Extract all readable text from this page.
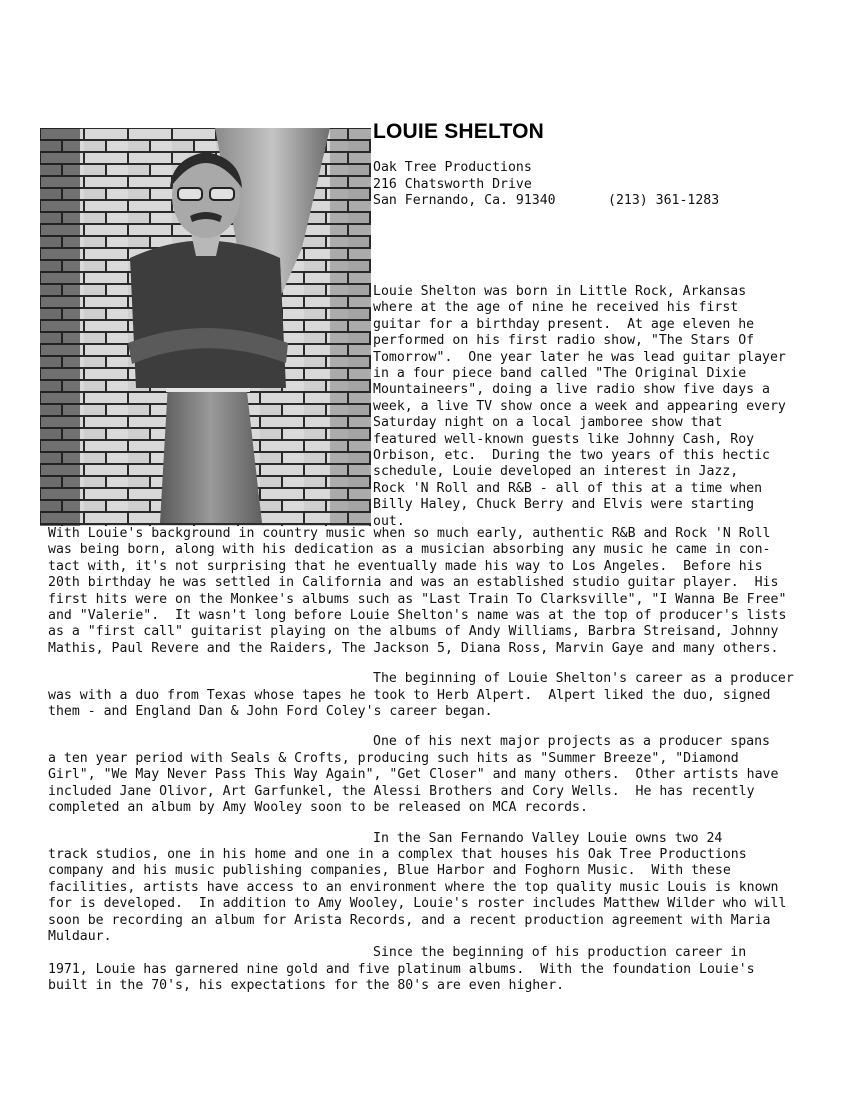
LOUIE SHELTON
Oak Tree Productions
216 Chatsworth Drive
San Fernando, Ca. 91340	(213) 361-1283
Louie Shelton was born in Little Rock, Arkansas
where at the age of nine he received his first
guitar for a birthday present.  At age eleven he
performed on his first radio show, "The Stars Of
Tomorrow".  One year later he was lead guitar player
in a four piece band called "The Original Dixie
Mountaineers", doing a live radio show five days a
week, a live TV show once a week and appearing every
Saturday night on a local jamboree show that
featured well-known guests like Johnny Cash, Roy
Orbison, etc.  During the two years of this hectic
schedule, Louie developed an interest in Jazz,
Rock 'N Roll and R&B - all of this at a time when
Billy Haley, Chuck Berry and Elvis were starting
out.
With Louie's background in country music when so much early, authentic R&B and Rock 'N Roll
was being born, along with his dedication as a musician absorbing any music he came in con-
tact with, it's not surprising that he eventually made his way to Los Angeles.  Before his
20th birthday he was settled in California and was an established studio guitar player.  His
first hits were on the Monkee's albums such as "Last Train To Clarksville", "I Wanna Be Free"
and "Valerie".  It wasn't long before Louie Shelton's name was at the top of producer's lists
as a "first call" guitarist playing on the albums of Andy Williams, Barbra Streisand, Johnny
Mathis, Paul Revere and the Raiders, The Jackson 5, Diana Ross, Marvin Gaye and many others.
The beginning of Louie Shelton's career as a producer
was with a duo from Texas whose tapes he took to Herb Alpert.  Alpert liked the duo, signed
them - and England Dan & John Ford Coley's career began.
One of his next major projects as a producer spans
a ten year period with Seals & Crofts, producing such hits as "Summer Breeze", "Diamond
Girl", "We May Never Pass This Way Again", "Get Closer" and many others.  Other artists have
included Jane Olivor, Art Garfunkel, the Alessi Brothers and Cory Wells.  He has recently
completed an album by Amy Wooley soon to be released on MCA records.
In the San Fernando Valley Louie owns two 24
track studios, one in his home and one in a complex that houses his Oak Tree Productions
company and his music publishing companies, Blue Harbor and Foghorn Music.  With these
facilities, artists have access to an environment where the top quality music Louis is known
for is developed.  In addition to Amy Wooley, Louie's roster includes Matthew Wilder who will
soon be recording an album for Arista Records, and a recent production agreement with Maria
Muldaur.
Since the beginning of his production career in
1971, Louie has garnered nine gold and five platinum albums.  With the foundation Louie's
built in the 70's, his expectations for the 80's are even higher.
